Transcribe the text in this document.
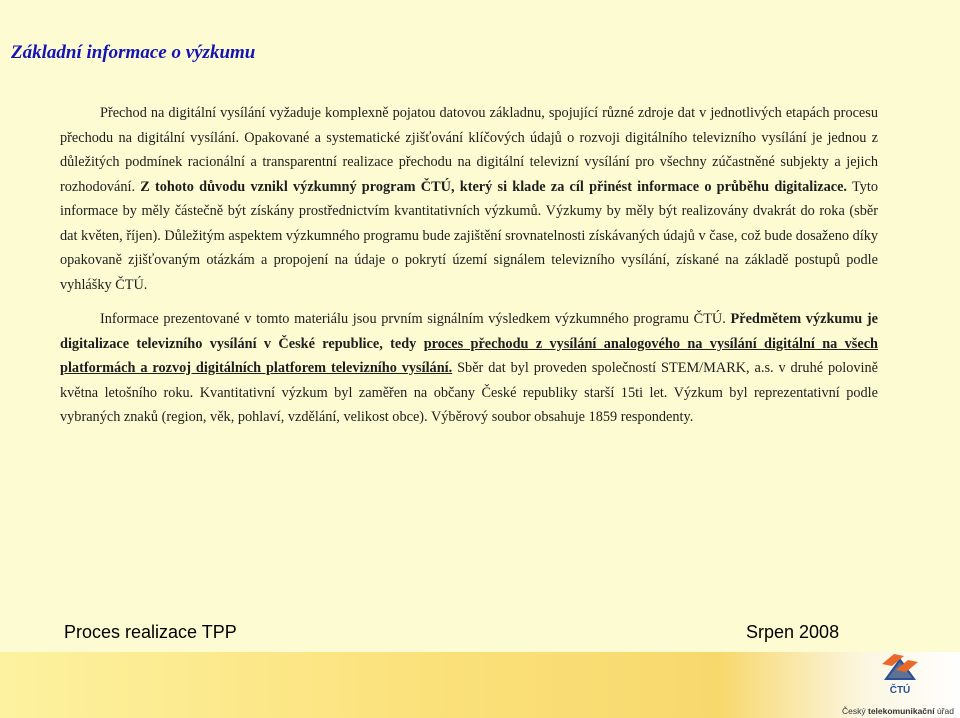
Základní informace o výzkumu

Přechod na digitální vysílání vyžaduje komplexně pojatou datovou základnu, spojující různé zdroje dat v jednotlivých etapách procesu přechodu na digitální vysílání. Opakované a systematické zjišťování klíčových údajů o rozvoji digitálního televizního vysílání je jednou z důležitých podmínek racionální a transparentní realizace přechodu na digitální televizní vysílání pro všechny zúčastněné subjekty a jejich rozhodování. Z tohoto důvodu vznikl výzkumný program ČTÚ, který si klade za cíl přinést informace o průběhu digitalizace. Tyto informace by měly částečně být získány prostřednictvím kvantitativních výzkumů. Výzkumy by měly být realizovány dvakrát do roka (sběr dat květen, říjen). Důležitým aspektem výzkumného programu bude zajištění srovnatelnosti získávaných údajů v čase, což bude dosaženo díky opakovaně zjišťovaným otázkám a propojení na údaje o pokrytí území signálem televizního vysílání, získané na základě postupů podle vyhlášky ČTÚ.

Informace prezentované v tomto materiálu jsou prvním signálním výsledkem výzkumného programu ČTÚ. Předmětem výzkumu je digitalizace televizního vysílání v České republice, tedy proces přechodu z vysílání analogového na vysílání digitální na všech platformách a rozvoj digitálních platforem televizního vysílání. Sběr dat byl proveden společností STEM/MARK, a.s. v druhé polovině května letošního roku. Kvantitativní výzkum byl zaměřen na občany České republiky starší 15ti let. Výzkum byl reprezentativní podle vybraných znaků (region, věk, pohlaví, vzdělání, velikost obce). Výběrový soubor obsahuje 1859 respondenty.

Proces realizace TPP	Srpen 2008
ČTÚ
Český telekomunikační úřad
